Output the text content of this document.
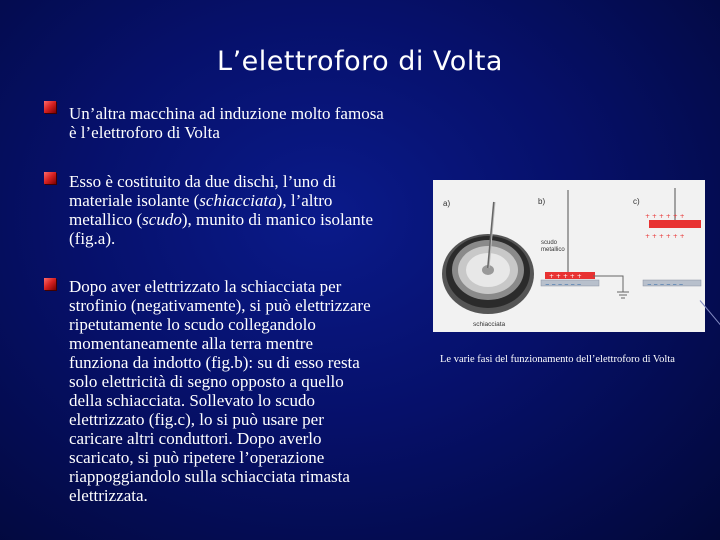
L’elettroforo di Volta
Un’altra macchina ad induzione molto famosa è l’elettroforo di Volta
Esso è costituito da due dischi, l’uno di
materiale isolante (schiacciata), l’altro
metallico (scudo), munito di manico isolante
(fig.a).
Dopo aver elettrizzato la schiacciata per
strofinio (negativamente), si può elettrizzare
ripetutamente lo scudo collegandolo
momentaneamente alla terra mentre
funziona da indotto (fig.b): su di esso resta
solo elettricità di segno opposto a quello
della schiacciata. Sollevato lo scudo
elettrizzato (fig.c), lo si può usare per
caricare altri conduttori. Dopo averlo
scaricato, si può ripetere l’operazione
riappoggiandolo sulla schiacciata rimasta
elettrizzata.
a)
schiacciata
b)
+ + + + +
− − − − − −
scudo
metallico
c)
+ + + + + +
+ + + + + +
− − − − − −
Le varie fasi del funzionamento dell’elettroforo di Volta
